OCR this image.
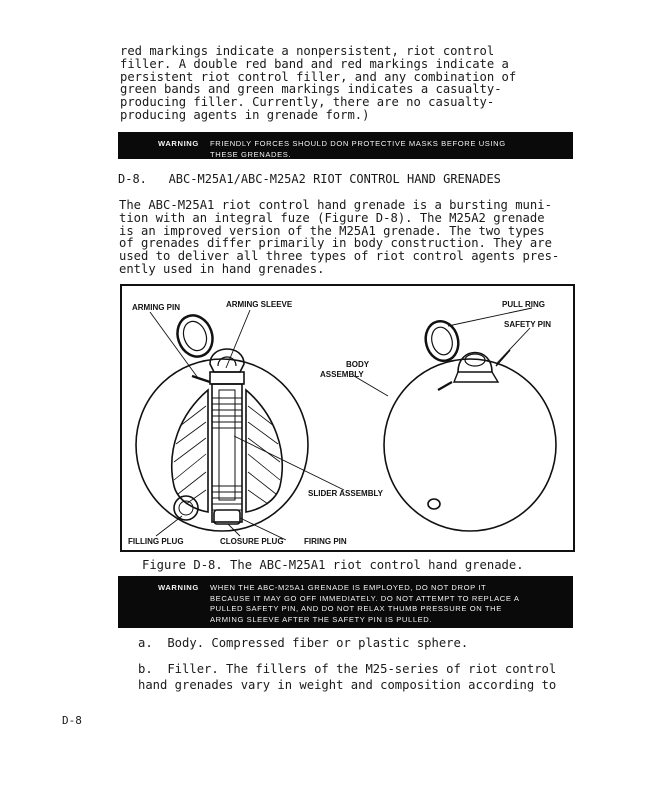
red markings indicate a nonpersistent, riot control
filler. A double red band and red markings indicate a
persistent riot control filler, and any combination of
green bands and green markings indicates a casualty-
producing filler. Currently, there are no casualty-
producing agents in grenade form.)
WARNING FRIENDLY FORCES SHOULD DON PROTECTIVE MASKS BEFORE USING
THESE GRENADES.
D-8.   ABC-M25A1/ABC-M25A2 RIOT CONTROL HAND GRENADES
The ABC-M25A1 riot control hand grenade is a bursting muni-
tion with an integral fuze (Figure D-8). The M25A2 grenade
is an improved version of the M25A1 grenade. The two types
of grenades differ primarily in body construction. They are
used to deliver all three types of riot control agents pres-
ently used in hand grenades.
ARMING PIN	ARMING SLEEVE	PULL RING
SAFETY PIN
BODY
ASSEMBLY
SLIDER ASSEMBLY
FILLING PLUG	CLOSURE PLUG	FIRING PIN
Figure D-8. The ABC-M25A1 riot control hand grenade.
WARNING WHEN THE ABC-M25A1 GRENADE IS EMPLOYED, DO NOT DROP IT
BECAUSE IT MAY GO OFF IMMEDIATELY. DO NOT ATTEMPT TO REPLACE A
PULLED SAFETY PIN, AND DO NOT RELAX THUMB PRESSURE ON THE
ARMING SLEEVE AFTER THE SAFETY PIN IS PULLED.
a.  Body. Compressed fiber or plastic sphere.
b.  Filler. The fillers of the M25-series of riot control
hand grenades vary in weight and composition according to
D-8
